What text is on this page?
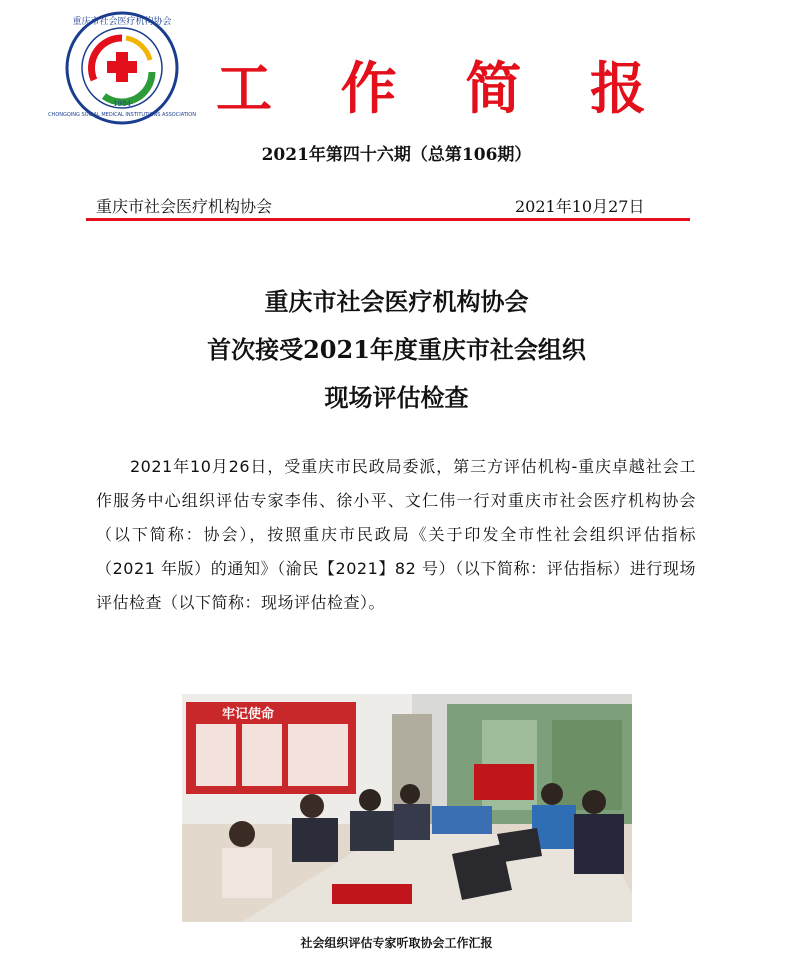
重庆市社会医疗机构协会
CHONGQING SOCIAL MEDICAL INSTITUTIONS ASSOCIATION
·1984· 工 作 简 报
2021年第四十六期（总第106期）
重庆市社会医疗机构协会	2021年10月27日
重庆市社会医疗机构协会
首次接受2021年度重庆市社会组织
现场评估检查
2021年10月26日，受重庆市民政局委派，第三方评估机构-重庆卓越社会工作服务中心组织评估专家李伟、徐小平、文仁伟一行对重庆市社会医疗机构协会（以下简称：协会），按照重庆市民政局《关于印发全市性社会组织评估指标（2021 年版）的通知》（渝民【2021】82 号）（以下简称：评估指标）进行现场评估检查（以下简称：现场评估检查）。
牢记使命
社会组织评估专家听取协会工作汇报
